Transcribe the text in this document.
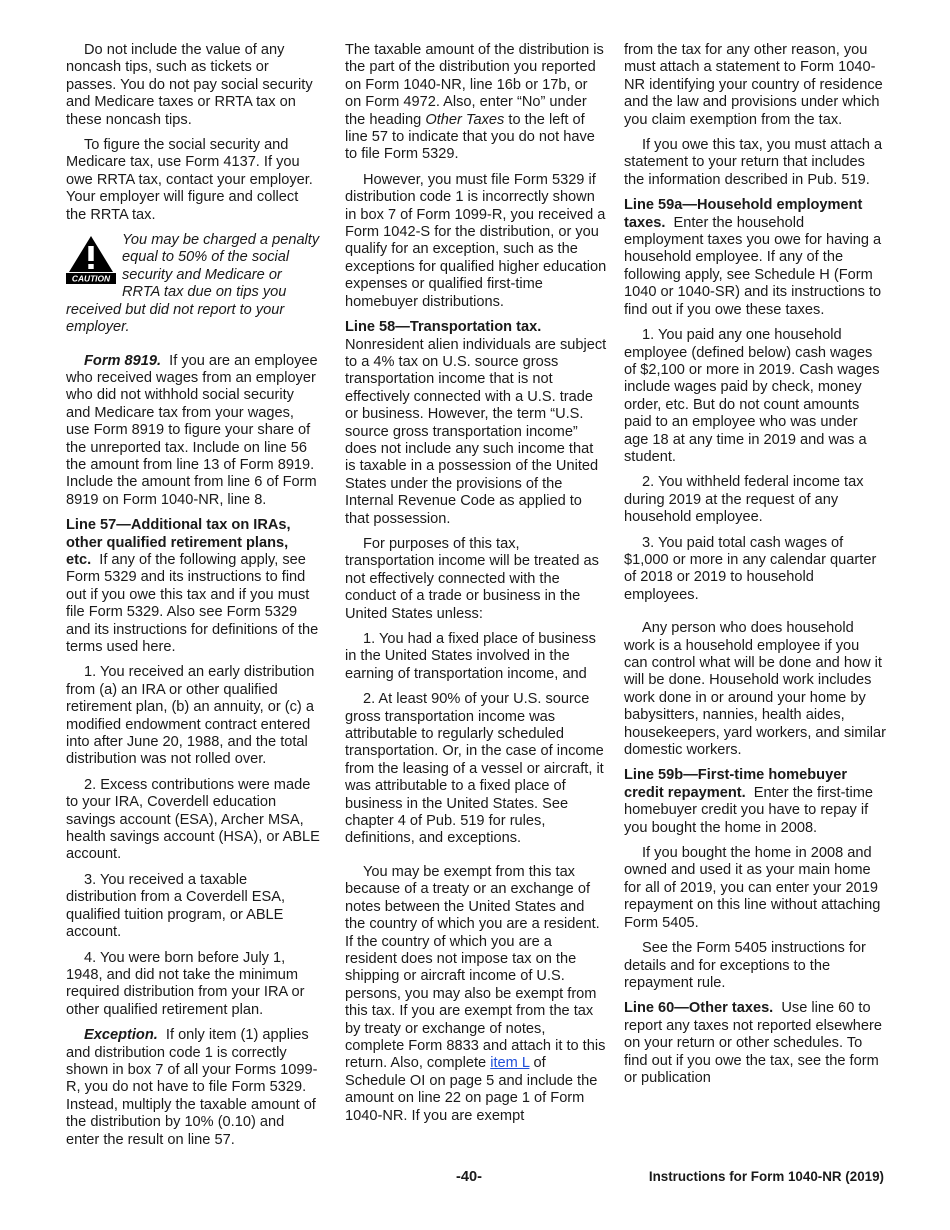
Do not include the value of any noncash tips, such as tickets or passes. You do not pay social security and Medicare taxes or RRTA tax on these noncash tips.

To figure the social security and Medicare tax, use Form 4137. If you owe RRTA tax, contact your employer. Your employer will figure and collect the RRTA tax.

CAUTION
You may be charged a penalty equal to 50% of the social security and Medicare or RRTA tax due on tips you received but did not report to your employer.

Form 8919. If you are an employee who received wages from an employer who did not withhold social security and Medicare tax from your wages, use Form 8919 to figure your share of the unreported tax. Include on line 56 the amount from line 13 of Form 8919. Include the amount from line 6 of Form 8919 on Form 1040-NR, line 8.

Line 57—Additional tax on IRAs, other qualified retirement plans, etc. If any of the following apply, see Form 5329 and its instructions to find out if you owe this tax and if you must file Form 5329. Also see Form 5329 and its instructions for definitions of the terms used here.

1. You received an early distribution from (a) an IRA or other qualified retirement plan, (b) an annuity, or (c) a modified endowment contract entered into after June 20, 1988, and the total distribution was not rolled over.

2. Excess contributions were made to your IRA, Coverdell education savings account (ESA), Archer MSA, health savings account (HSA), or ABLE account.

3. You received a taxable distribution from a Coverdell ESA, qualified tuition program, or ABLE account.

4. You were born before July 1, 1948, and did not take the minimum required distribution from your IRA or other qualified retirement plan.

Exception. If only item (1) applies and distribution code 1 is correctly shown in box 7 of all your Forms 1099-R, you do not have to file Form 5329. Instead, multiply the taxable amount of the distribution by 10% (0.10) and enter the result on line 57.

The taxable amount of the distribution is the part of the distribution you reported on Form 1040-NR, line 16b or 17b, or on Form 4972. Also, enter “No” under the heading Other Taxes to the left of line 57 to indicate that you do not have to file Form 5329.

However, you must file Form 5329 if distribution code 1 is incorrectly shown in box 7 of Form 1099-R, you received a Form 1042-S for the distribution, or you qualify for an exception, such as the exceptions for qualified higher education expenses or qualified first-time homebuyer distributions.

Line 58—Transportation tax.
Nonresident alien individuals are subject to a 4% tax on U.S. source gross transportation income that is not effectively connected with a U.S. trade or business. However, the term “U.S. source gross transportation income” does not include any such income that is taxable in a possession of the United States under the provisions of the Internal Revenue Code as applied to that possession.

For purposes of this tax, transportation income will be treated as not effectively connected with the conduct of a trade or business in the United States unless:

1. You had a fixed place of business in the United States involved in the earning of transportation income, and

2. At least 90% of your U.S. source gross transportation income was attributable to regularly scheduled transportation. Or, in the case of income from the leasing of a vessel or aircraft, it was attributable to a fixed place of business in the United States. See chapter 4 of Pub. 519 for rules, definitions, and exceptions.

You may be exempt from this tax because of a treaty or an exchange of notes between the United States and the country of which you are a resident. If the country of which you are a resident does not impose tax on the shipping or aircraft income of U.S. persons, you may also be exempt from this tax. If you are exempt from the tax by treaty or exchange of notes, complete Form 8833 and attach it to this return. Also, complete item L of Schedule OI on page 5 and include the amount on line 22 on page 1 of Form 1040-NR. If you are exempt

from the tax for any other reason, you must attach a statement to Form 1040-NR identifying your country of residence and the law and provisions under which you claim exemption from the tax.

If you owe this tax, you must attach a statement to your return that includes the information described in Pub. 519.

Line 59a—Household employment taxes. Enter the household employment taxes you owe for having a household employee. If any of the following apply, see Schedule H (Form 1040 or 1040-SR) and its instructions to find out if you owe these taxes.

1. You paid any one household employee (defined below) cash wages of $2,100 or more in 2019. Cash wages include wages paid by check, money order, etc. But do not count amounts paid to an employee who was under age 18 at any time in 2019 and was a student.

2. You withheld federal income tax during 2019 at the request of any household employee.

3. You paid total cash wages of $1,000 or more in any calendar quarter of 2018 or 2019 to household employees.

Any person who does household work is a household employee if you can control what will be done and how it will be done. Household work includes work done in or around your home by babysitters, nannies, health aides, housekeepers, yard workers, and similar domestic workers.

Line 59b—First-time homebuyer credit repayment. Enter the first-time homebuyer credit you have to repay if you bought the home in 2008.

If you bought the home in 2008 and owned and used it as your main home for all of 2019, you can enter your 2019 repayment on this line without attaching Form 5405.

See the Form 5405 instructions for details and for exceptions to the repayment rule.

Line 60—Other taxes. Use line 60 to report any taxes not reported elsewhere on your return or other schedules. To find out if you owe the tax, see the form or publication

-40-	Instructions for Form 1040-NR (2019)
